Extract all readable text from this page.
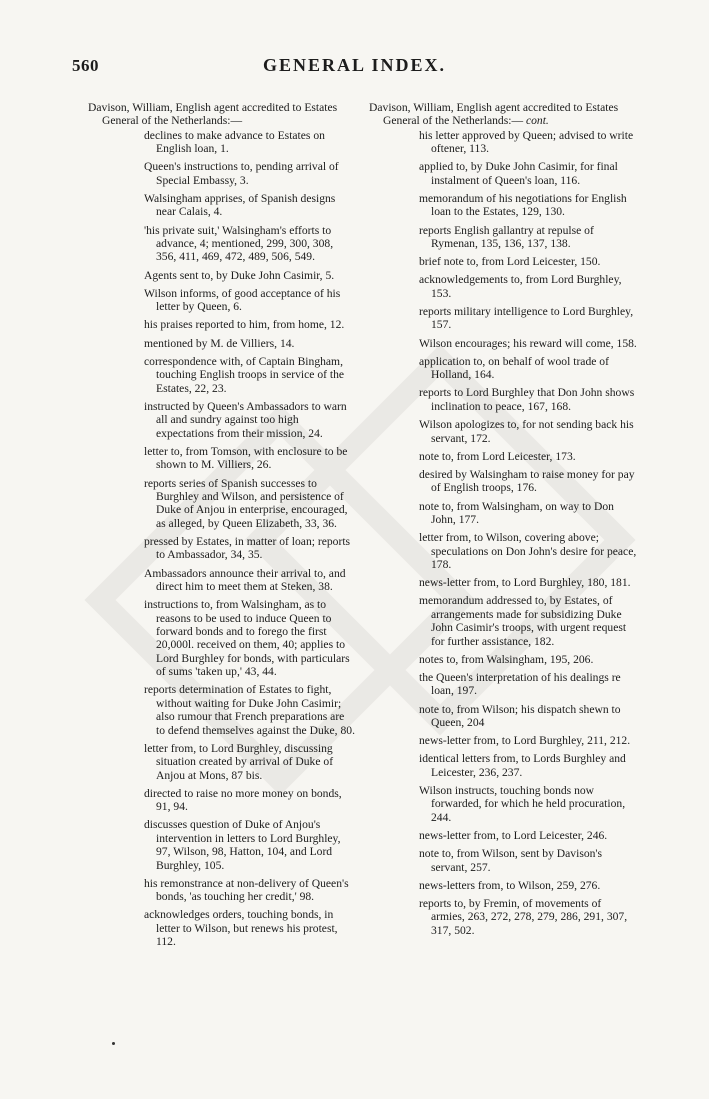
560	GENERAL INDEX.
Davison, William, English agent accredited to Estates General of the Netherlands:—
declines to make advance to Estates on English loan, 1.
Queen's instructions to, pending arrival of Special Embassy, 3.
Walsingham apprises, of Spanish designs near Calais, 4.
'his private suit,' Walsingham's efforts to advance, 4; mentioned, 299, 300, 308, 356, 411, 469, 472, 489, 506, 549.
Agents sent to, by Duke John Casimir, 5.
Wilson informs, of good acceptance of his letter by Queen, 6.
his praises reported to him, from home, 12.
mentioned by M. de Villiers, 14.
correspondence with, of Captain Bingham, touching English troops in service of the Estates, 22, 23.
instructed by Queen's Ambassadors to warn all and sundry against too high expectations from their mission, 24.
letter to, from Tomson, with enclosure to be shown to M. Villiers, 26.
reports series of Spanish successes to Burghley and Wilson, and persistence of Duke of Anjou in enterprise, encouraged, as alleged, by Queen Elizabeth, 33, 36.
pressed by Estates, in matter of loan; reports to Ambassador, 34, 35.
Ambassadors announce their arrival to, and direct him to meet them at Steken, 38.
instructions to, from Walsingham, as to reasons to be used to induce Queen to forward bonds and to forego the first 20,000l. received on them, 40; applies to Lord Burghley for bonds, with particulars of sums 'taken up,' 43, 44.
reports determination of Estates to fight, without waiting for Duke John Casimir; also rumour that French preparations are to defend themselves against the Duke, 80.
letter from, to Lord Burghley, discussing situation created by arrival of Duke of Anjou at Mons, 87 bis.
directed to raise no more money on bonds, 91, 94.
discusses question of Duke of Anjou's intervention in letters to Lord Burghley, 97, Wilson, 98, Hatton, 104, and Lord Burghley, 105.
his remonstrance at non-delivery of Queen's bonds, 'as touching her credit,' 98.
acknowledges orders, touching bonds, in letter to Wilson, but renews his protest, 112.
Davison, William, English agent accredited to Estates General of the Netherlands:— cont.
his letter approved by Queen; advised to write oftener, 113.
applied to, by Duke John Casimir, for final instalment of Queen's loan, 116.
memorandum of his negotiations for English loan to the Estates, 129, 130.
reports English gallantry at repulse of Rymenan, 135, 136, 137, 138.
brief note to, from Lord Leicester, 150.
acknowledgements to, from Lord Burghley, 153.
reports military intelligence to Lord Burghley, 157.
Wilson encourages; his reward will come, 158.
application to, on behalf of wool trade of Holland, 164.
reports to Lord Burghley that Don John shows inclination to peace, 167, 168.
Wilson apologizes to, for not sending back his servant, 172.
note to, from Lord Leicester, 173.
desired by Walsingham to raise money for pay of English troops, 176.
note to, from Walsingham, on way to Don John, 177.
letter from, to Wilson, covering above; speculations on Don John's desire for peace, 178.
news-letter from, to Lord Burghley, 180, 181.
memorandum addressed to, by Estates, of arrangements made for subsidizing Duke John Casimir's troops, with urgent request for further assistance, 182.
notes to, from Walsingham, 195, 206.
the Queen's interpretation of his dealings re loan, 197.
note to, from Wilson; his dispatch shewn to Queen, 204
news-letter from, to Lord Burghley, 211, 212.
identical letters from, to Lords Burghley and Leicester, 236, 237.
Wilson instructs, touching bonds now forwarded, for which he held procuration, 244.
news-letter from, to Lord Leicester, 246.
note to, from Wilson, sent by Davison's servant, 257.
news-letters from, to Wilson, 259, 276.
reports to, by Fremin, of movements of armies, 263, 272, 278, 279, 286, 291, 307, 317, 502.
